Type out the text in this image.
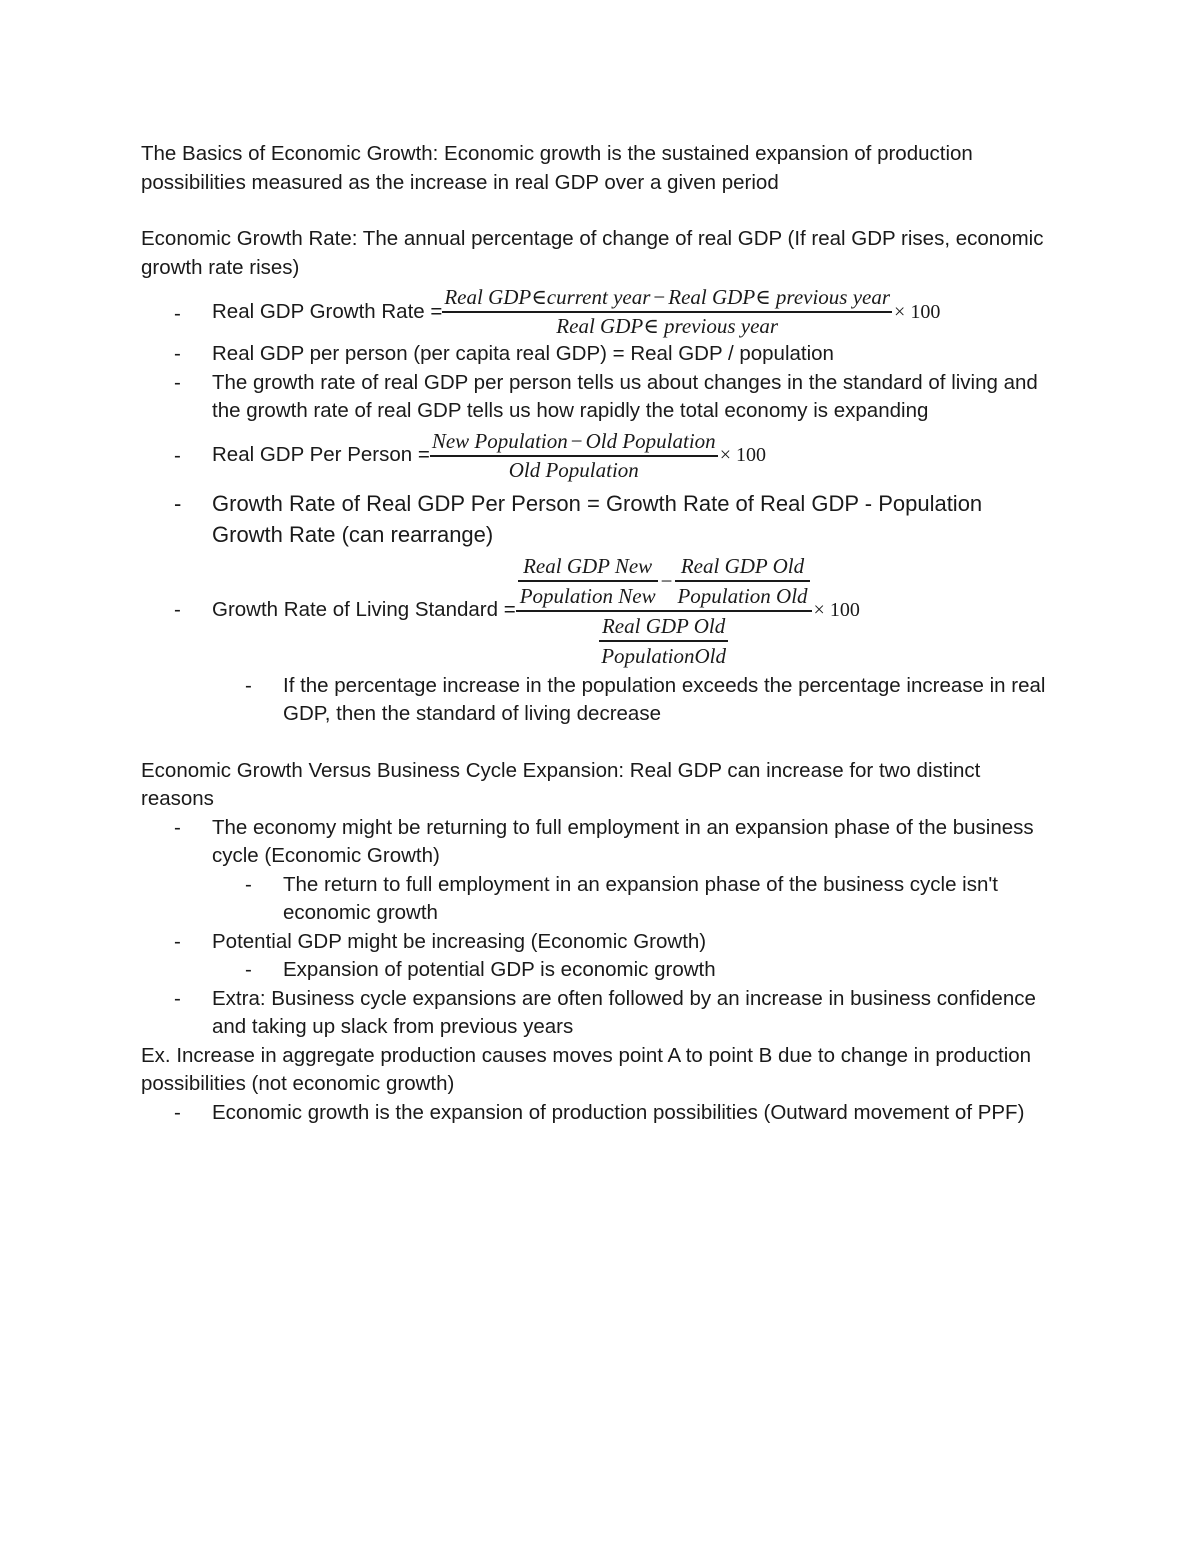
The Basics of Economic Growth: Economic growth is the sustained expansion of production possibilities measured as the increase in real GDP over a given period

Economic Growth Rate: The annual percentage of change of real GDP (If real GDP rises, economic growth rate rises)

- Real GDP Growth Rate = $\frac{\text{Real GDP∈current year − Real GDP∈ previous year}}{\text{Real GDP∈ previous year}} \times 100$
- Real GDP per person (per capita real GDP) = Real GDP / population
- The growth rate of real GDP per person tells us about changes in the standard of living and the growth rate of real GDP tells us how rapidly the total economy is expanding
- Real GDP Per Person = $\frac{\text{New Population − Old Population}}{\text{Old Population}} \times 100$
- Growth Rate of Real GDP Per Person = Growth Rate of Real GDP - Population Growth Rate (can rearrange)
- Growth Rate of Living Standard =
$\frac{\text{Real GDP New}}{\text{Population New}} - \frac{\text{Real GDP Old}}{\text{Population Old}}$
$\frac{\text{Real GDP Old}}{\text{PopulationOld}}$
× 100
- If the percentage increase in the population exceeds the percentage increase in real GDP, then the standard of living decrease

Economic Growth Versus Business Cycle Expansion: Real GDP can increase for two distinct reasons

- The economy might be returning to full employment in an expansion phase of the business cycle (Economic Growth)
- The return to full employment in an expansion phase of the business cycle isn't economic growth
- Potential GDP might be increasing (Economic Growth)
- Expansion of potential GDP is economic growth
- Extra: Business cycle expansions are often followed by an increase in business confidence and taking up slack from previous years

Ex. Increase in aggregate production causes moves point A to point B due to change in production possibilities (not economic growth)

- Economic growth is the expansion of production possibilities (Outward movement of PPF)
